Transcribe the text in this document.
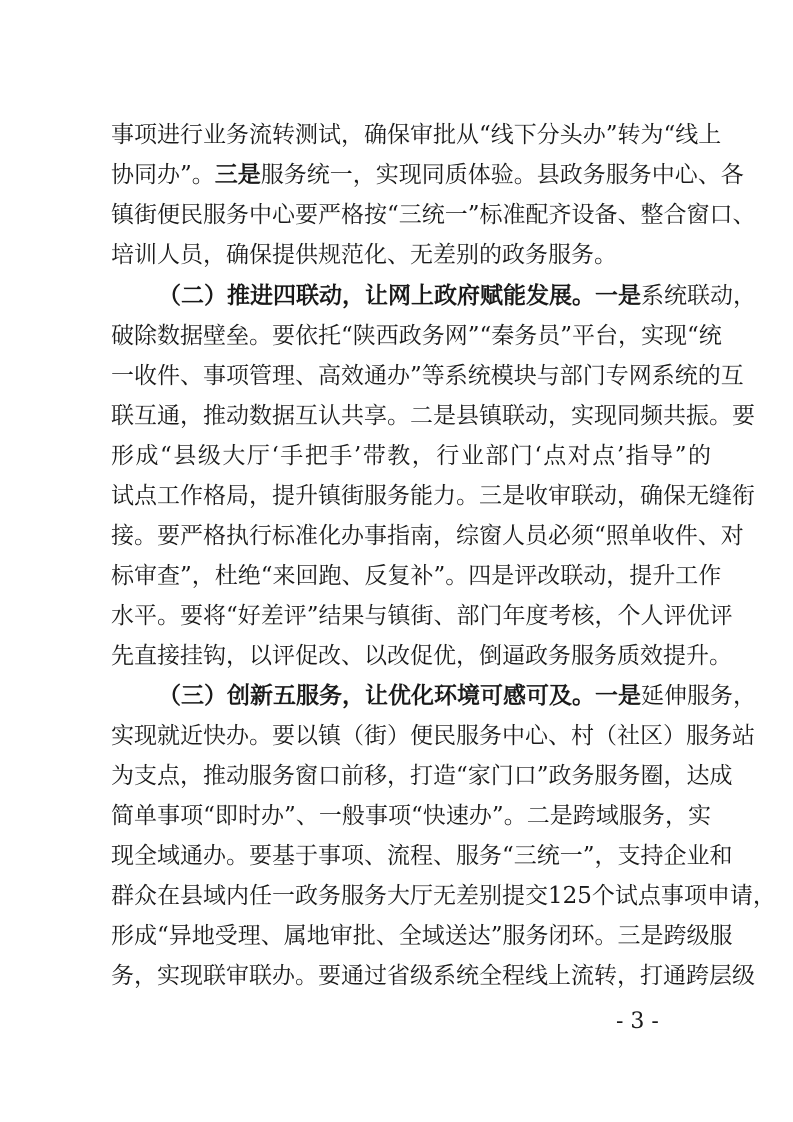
事项进行业务流转测试，确保审批从“线下分头办”转为“线上
协同办”。三是服务统一，实现同质体验。县政务服务中心、各
镇街便民服务中心要严格按“三统一”标准配齐设备、整合窗口、
培训人员，确保提供规范化、无差别的政务服务。
（二）推进四联动，让网上政府赋能发展。一是系统联动，
破除数据壁垒。要依托“陕西政务网”“秦务员”平台，实现“统
一收件、事项管理、高效通办”等系统模块与部门专网系统的互
联互通，推动数据互认共享。二是县镇联动，实现同频共振。要
形成“县级大厅‘手把手’带教，行业部门‘点对点’指导”的
试点工作格局，提升镇街服务能力。三是收审联动，确保无缝衔
接。要严格执行标准化办事指南，综窗人员必须“照单收件、对
标审查”，杜绝“来回跑、反复补”。四是评改联动，提升工作
水平。要将“好差评”结果与镇街、部门年度考核，个人评优评
先直接挂钩，以评促改、以改促优，倒逼政务服务质效提升。
（三）创新五服务，让优化环境可感可及。一是延伸服务，
实现就近快办。要以镇（街）便民服务中心、村（社区）服务站
为支点，推动服务窗口前移，打造“家门口”政务服务圈，达成
简单事项“即时办”、一般事项“快速办”。二是跨域服务，实
现全域通办。要基于事项、流程、服务“三统一”，支持企业和
群众在县域内任一政务服务大厅无差别提交125个试点事项申请，
形成“异地受理、属地审批、全域送达”服务闭环。三是跨级服
务，实现联审联办。要通过省级系统全程线上流转，打通跨层级
- 3 -
